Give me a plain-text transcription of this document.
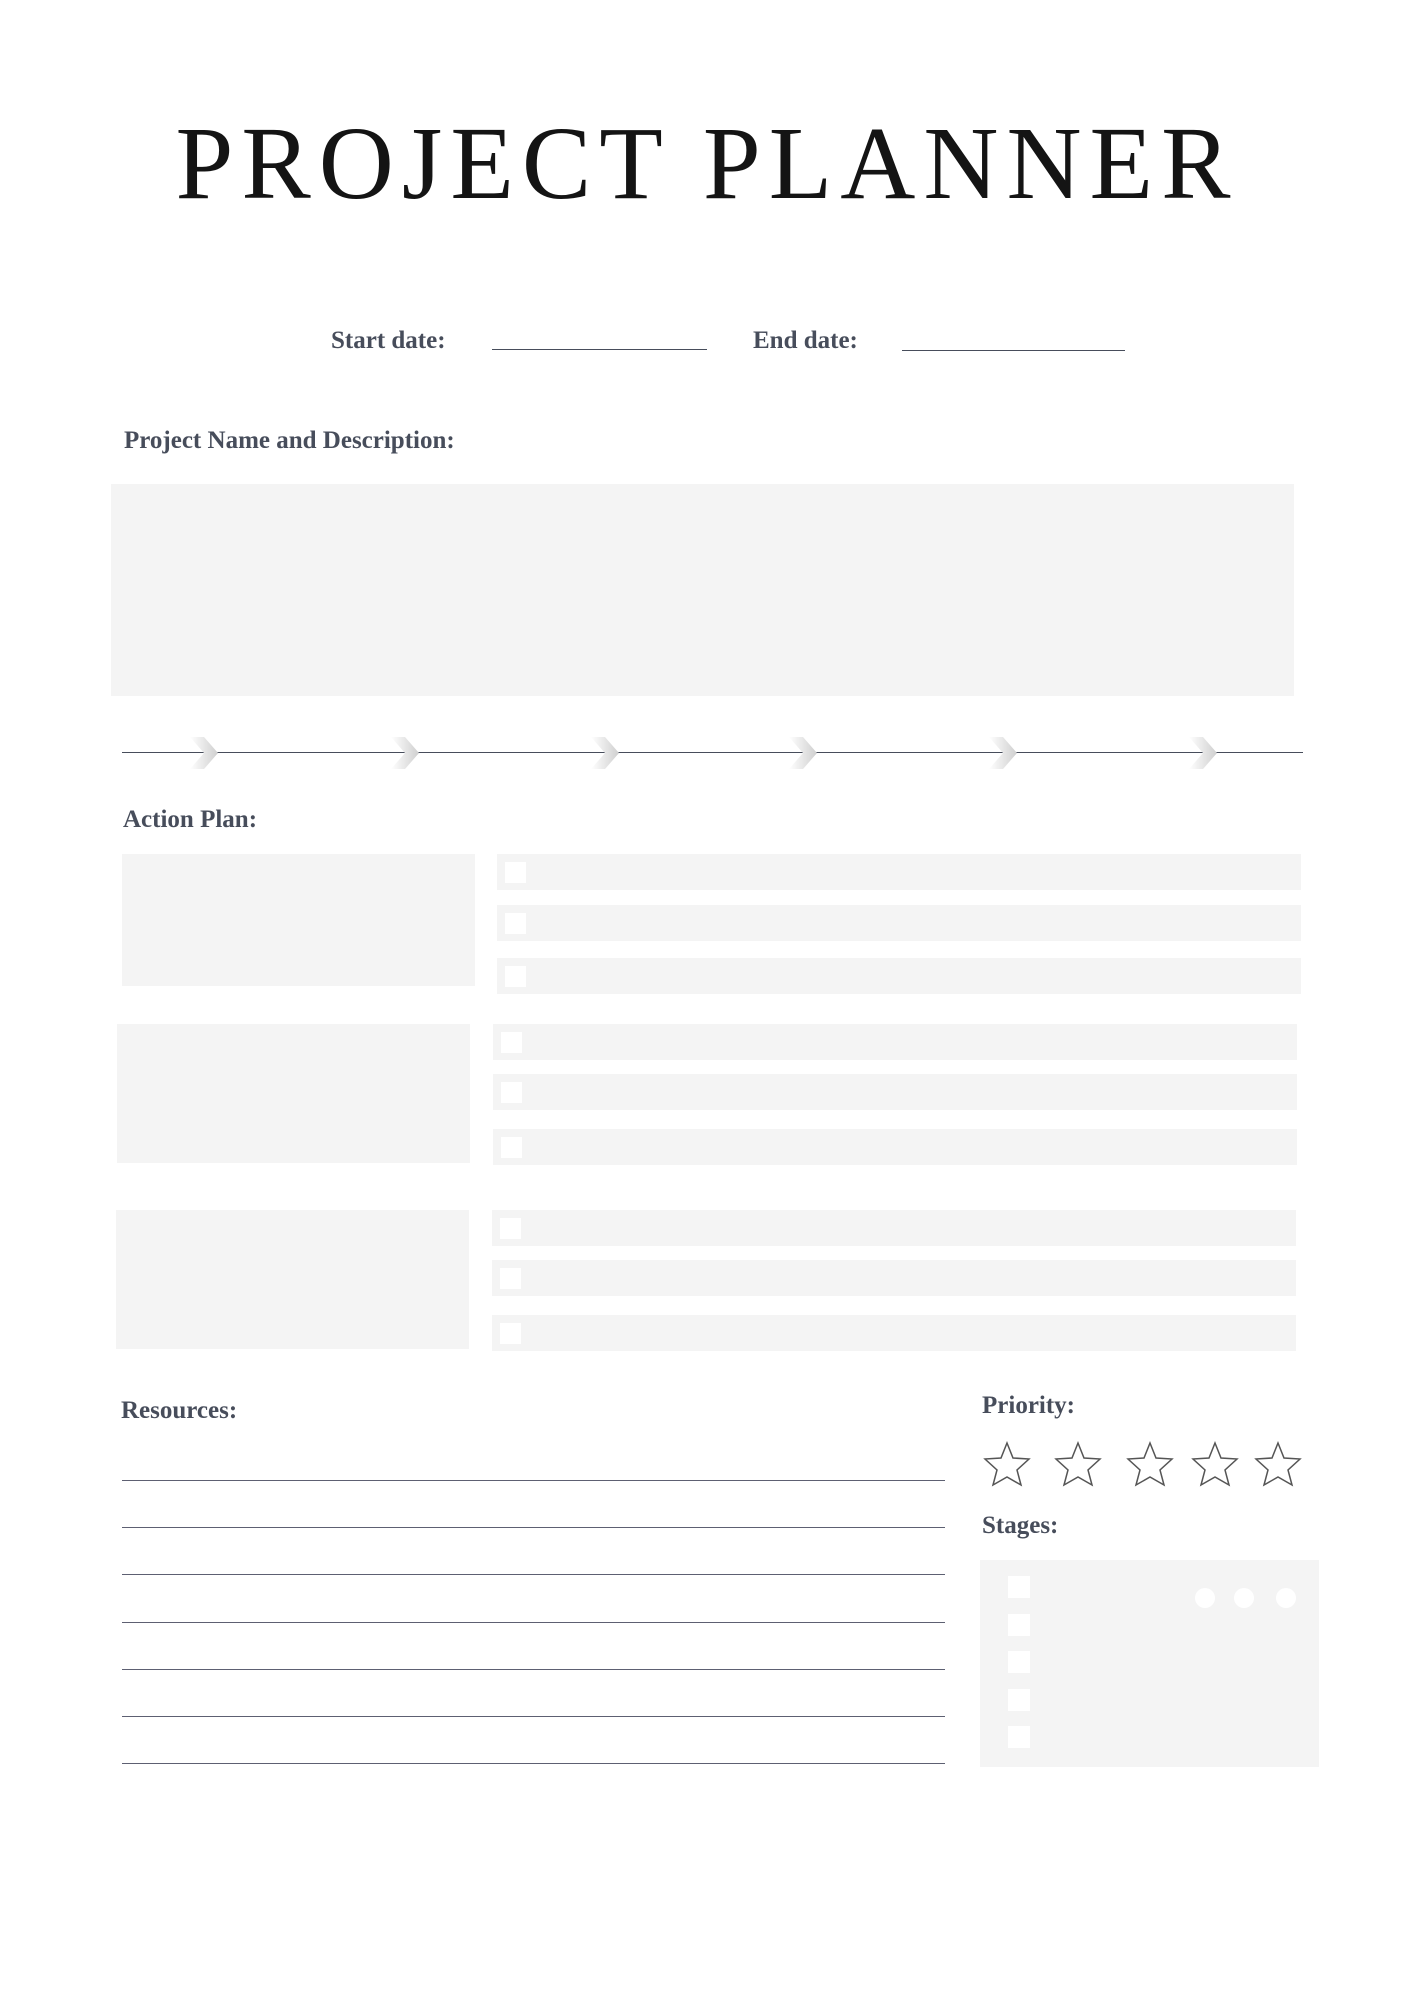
PROJECT PLANNER
Start date:	End date:
Project Name and Description:
Action Plan:
Resources:	Priority:
Stages:
